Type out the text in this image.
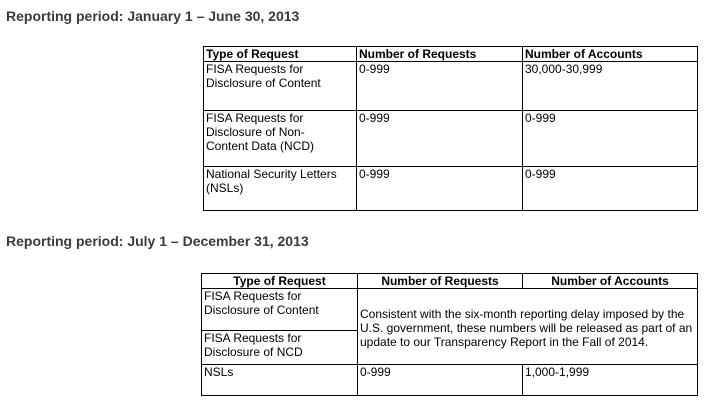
Reporting period: January 1 – June 30, 2013
Type of Request	Number of Requests	Number of Accounts
FISA Requests for
Disclosure of Content	0-999	30,000-30,999
FISA Requests for
Disclosure of Non-
Content Data (NCD)	0-999	0-999
National Security Letters
(NSLs)	0-999	0-999
Reporting period: July 1 – December 31, 2013
Type of Request	Number of Requests	Number of Accounts
FISA Requests for
Disclosure of Content	Consistent with the six-month reporting delay imposed by the U.S. government, these numbers will be released as part of an update to our Transparency Report in the Fall of 2014.	
FISA Requests for
Disclosure of NCD		
NSLs	0-999	1,000-1,999
